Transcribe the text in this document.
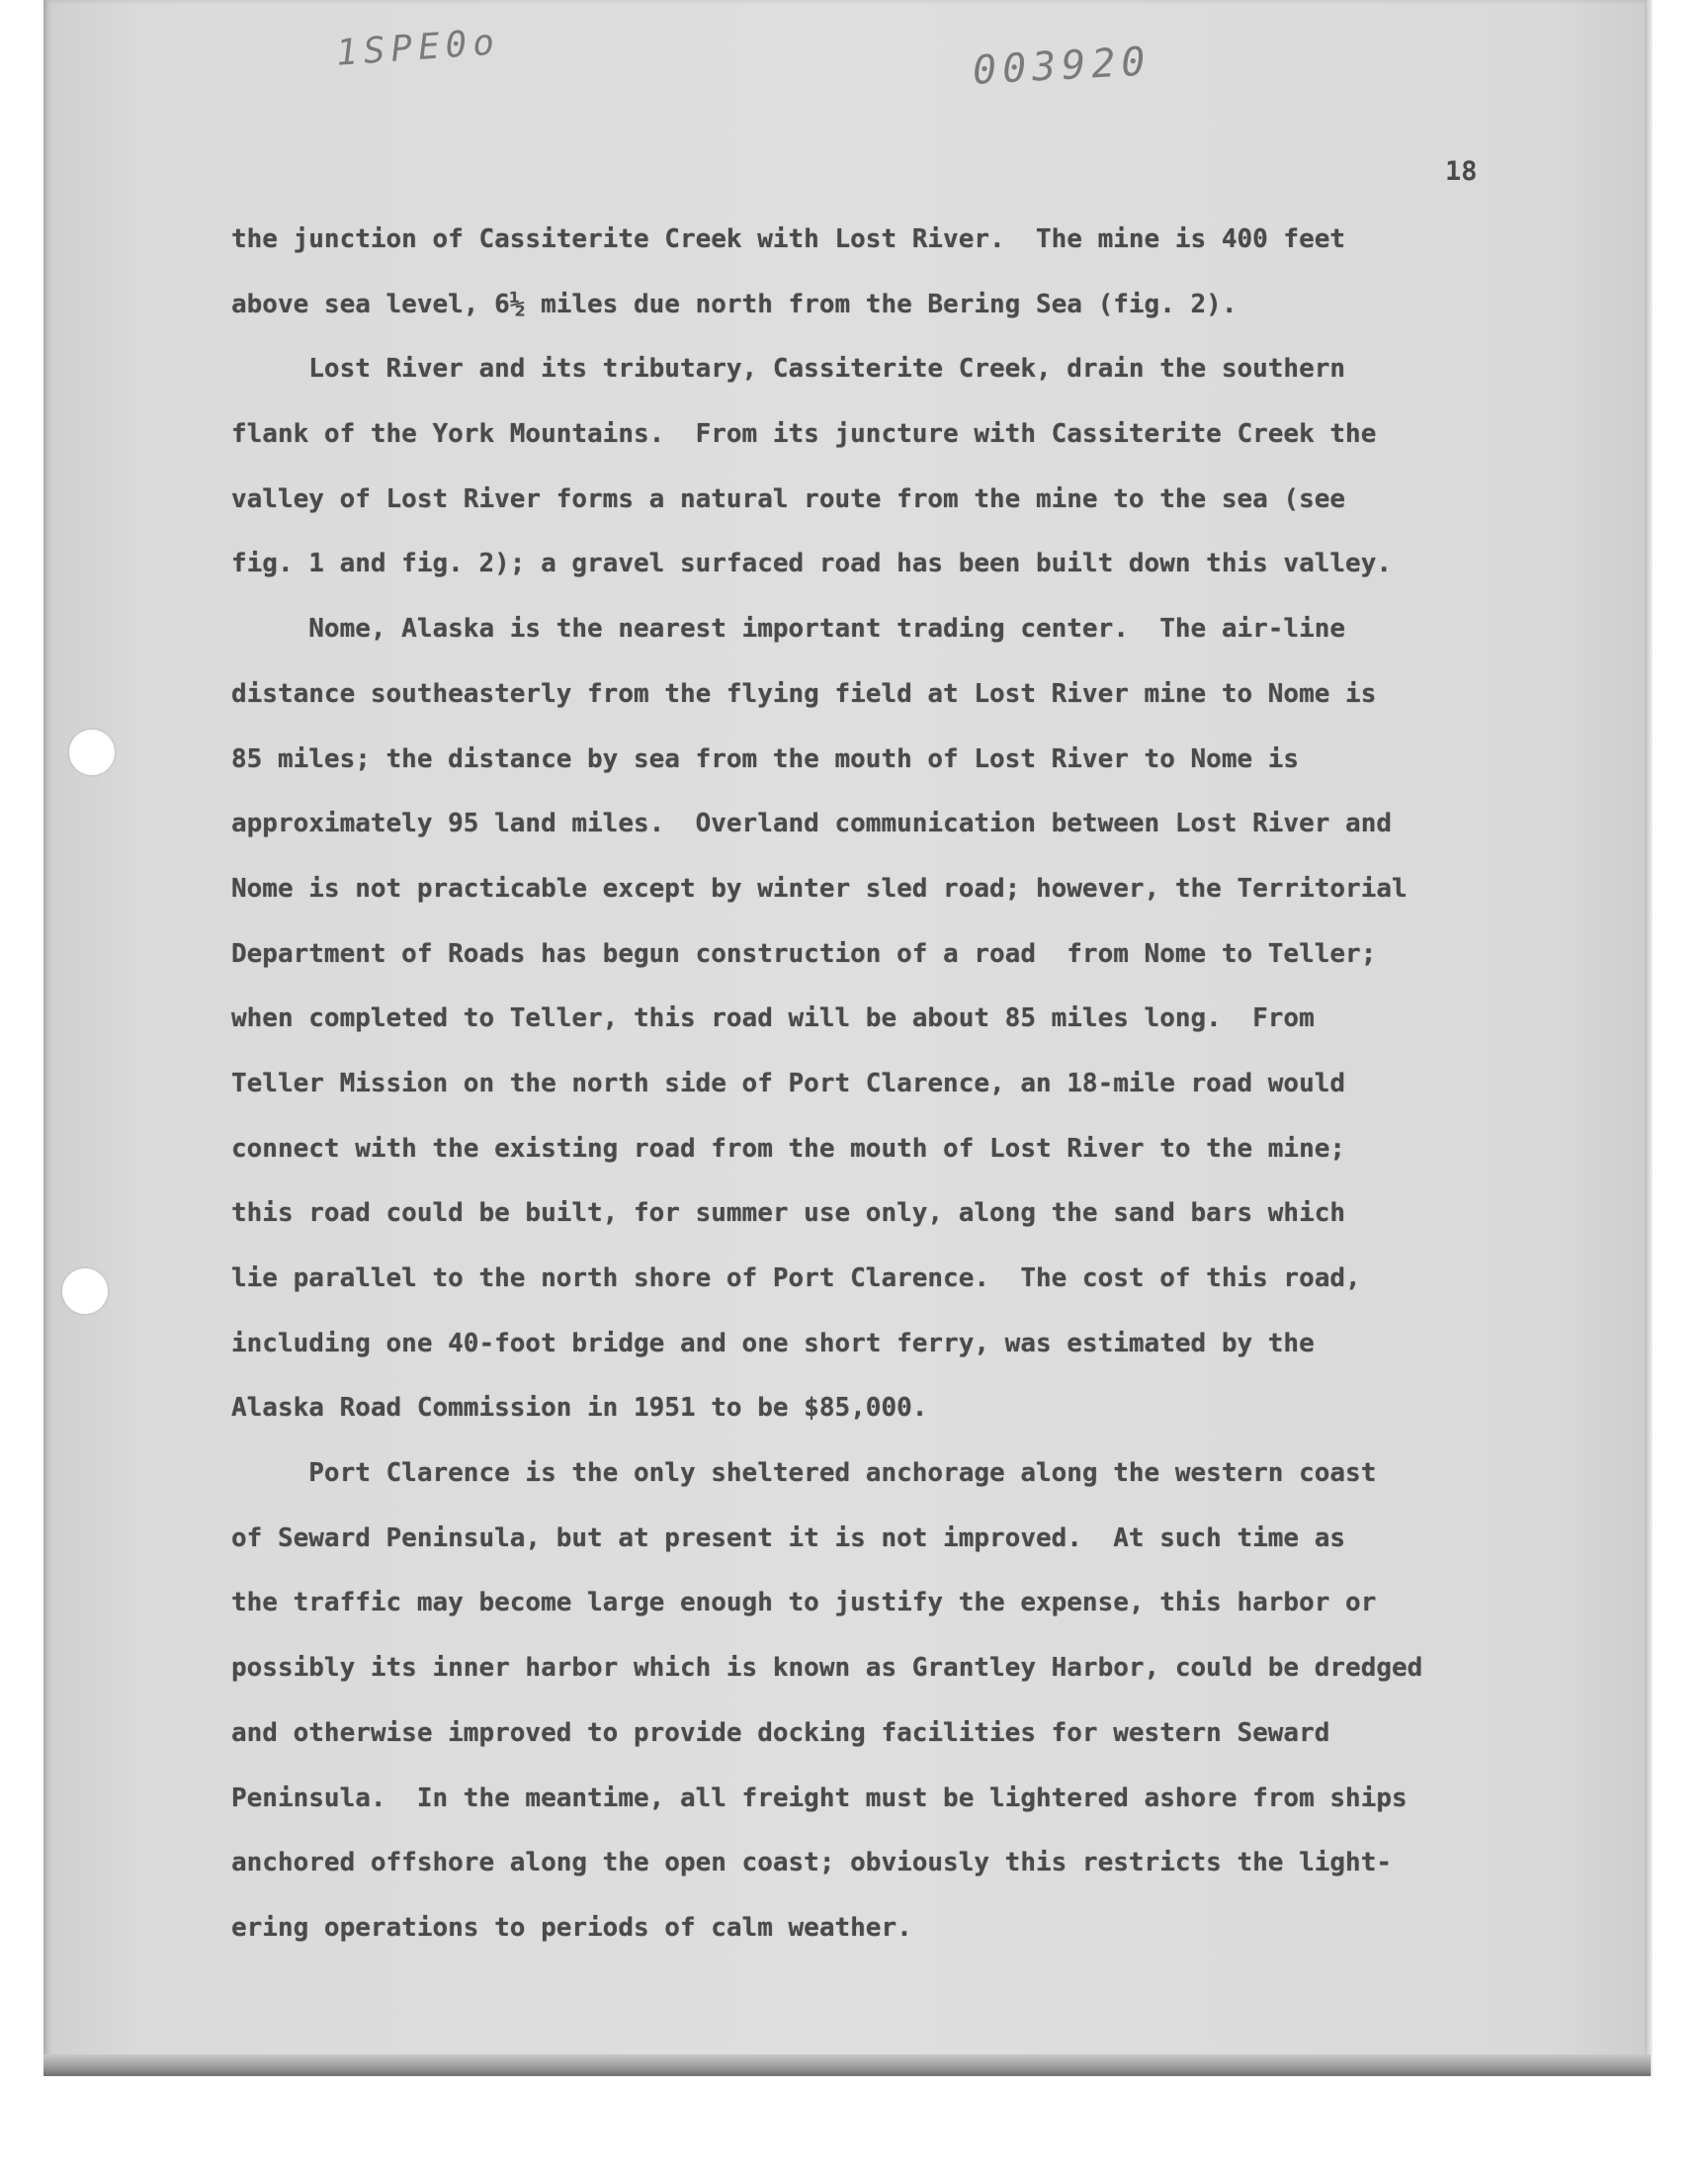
1SPE0o	003920
18
the junction of Cassiterite Creek with Lost River.  The mine is 400 feet
above sea level, 6½ miles due north from the Bering Sea (fig. 2).
Lost River and its tributary, Cassiterite Creek, drain the southern
flank of the York Mountains.  From its juncture with Cassiterite Creek the
valley of Lost River forms a natural route from the mine to the sea (see
fig. 1 and fig. 2); a gravel surfaced road has been built down this valley.
Nome, Alaska is the nearest important trading center.  The air-line
distance southeasterly from the flying field at Lost River mine to Nome is
85 miles; the distance by sea from the mouth of Lost River to Nome is
approximately 95 land miles.  Overland communication between Lost River and
Nome is not practicable except by winter sled road; however, the Territorial
Department of Roads has begun construction of a road  from Nome to Teller;
when completed to Teller, this road will be about 85 miles long.  From
Teller Mission on the north side of Port Clarence, an 18-mile road would
connect with the existing road from the mouth of Lost River to the mine;
this road could be built, for summer use only, along the sand bars which
lie parallel to the north shore of Port Clarence.  The cost of this road,
including one 40-foot bridge and one short ferry, was estimated by the
Alaska Road Commission in 1951 to be $85,000.
Port Clarence is the only sheltered anchorage along the western coast
of Seward Peninsula, but at present it is not improved.  At such time as
the traffic may become large enough to justify the expense, this harbor or
possibly its inner harbor which is known as Grantley Harbor, could be dredged
and otherwise improved to provide docking facilities for western Seward
Peninsula.  In the meantime, all freight must be lightered ashore from ships
anchored offshore along the open coast; obviously this restricts the light-
ering operations to periods of calm weather.
